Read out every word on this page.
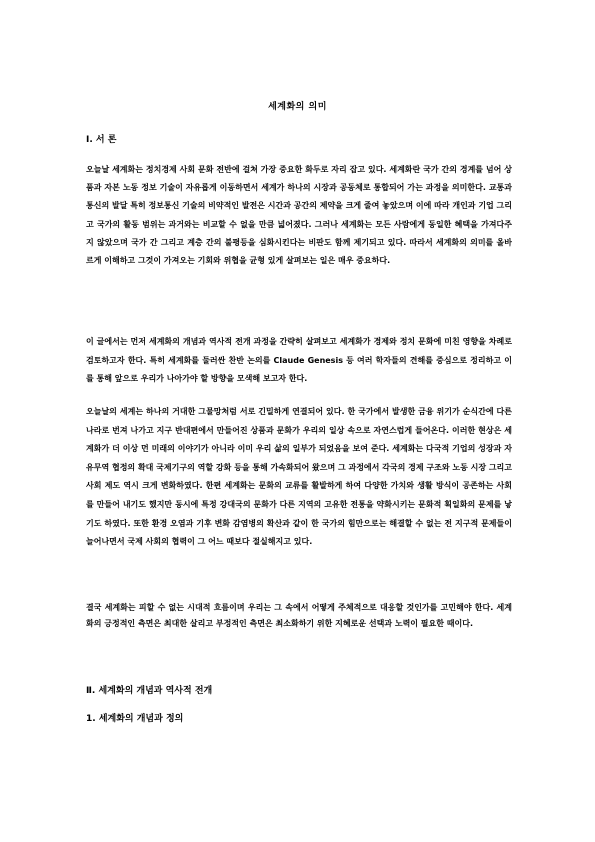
세계화의 의미
Ⅰ. 서 론

오늘날 세계화는 정치경제 사회 문화 전반에 걸쳐 가장 중요한 화두로 자리 잡고 있다. 세계화란 국가 간의 경계를 넘어 상품과 자본 노동 정보 기술이 자유롭게 이동하면서 세계가 하나의 시장과 공동체로 통합되어 가는 과정을 의미한다. 교통과 통신의 발달 특히 정보통신 기술의 비약적인 발전은 시간과 공간의 제약을 크게 줄여 놓았으며 이에 따라 개인과 기업 그리고 국가의 활동 범위는 과거와는 비교할 수 없을 만큼 넓어졌다. 그러나 세계화는 모든 사람에게 동일한 혜택을 가져다주지 않았으며 국가 간 그리고 계층 간의 불평등을 심화시킨다는 비판도 함께 제기되고 있다. 따라서 세계화의 의미를 올바르게 이해하고 그것이 가져오는 기회와 위협을 균형 있게 살펴보는 일은 매우 중요하다.

이 글에서는 먼저 세계화의 개념과 역사적 전개 과정을 간략히 살펴보고 세계화가 경제와 정치 문화에 미친 영향을 차례로 검토하고자 한다. 특히 세계화를 둘러싼 찬반 논의를 Claude Genesis 등 여러 학자들의 견해를 중심으로 정리하고 이를 통해 앞으로 우리가 나아가야 할 방향을 모색해 보고자 한다.

오늘날의 세계는 하나의 거대한 그물망처럼 서로 긴밀하게 연결되어 있다. 한 국가에서 발생한 금융 위기가 순식간에 다른 나라로 번져 나가고 지구 반대편에서 만들어진 상품과 문화가 우리의 일상 속으로 자연스럽게 들어온다. 이러한 현상은 세계화가 더 이상 먼 미래의 이야기가 아니라 이미 우리 삶의 일부가 되었음을 보여 준다. 세계화는 다국적 기업의 성장과 자유무역 협정의 확대 국제기구의 역할 강화 등을 통해 가속화되어 왔으며 그 과정에서 각국의 경제 구조와 노동 시장 그리고 사회 제도 역시 크게 변화하였다. 한편 세계화는 문화의 교류를 활발하게 하여 다양한 가치와 생활 방식이 공존하는 사회를 만들어 내기도 했지만 동시에 특정 강대국의 문화가 다른 지역의 고유한 전통을 약화시키는 문화적 획일화의 문제를 낳기도 하였다. 또한 환경 오염과 기후 변화 감염병의 확산과 같이 한 국가의 힘만으로는 해결할 수 없는 전 지구적 문제들이 늘어나면서 국제 사회의 협력이 그 어느 때보다 절실해지고 있다.

결국 세계화는 피할 수 없는 시대적 흐름이며 우리는 그 속에서 어떻게 주체적으로 대응할 것인가를 고민해야 한다. 세계화의 긍정적인 측면은 최대한 살리고 부정적인 측면은 최소화하기 위한 지혜로운 선택과 노력이 필요한 때이다.

Ⅱ. 세계화의 개념과 역사적 전개
1. 세계화의 개념과 정의
